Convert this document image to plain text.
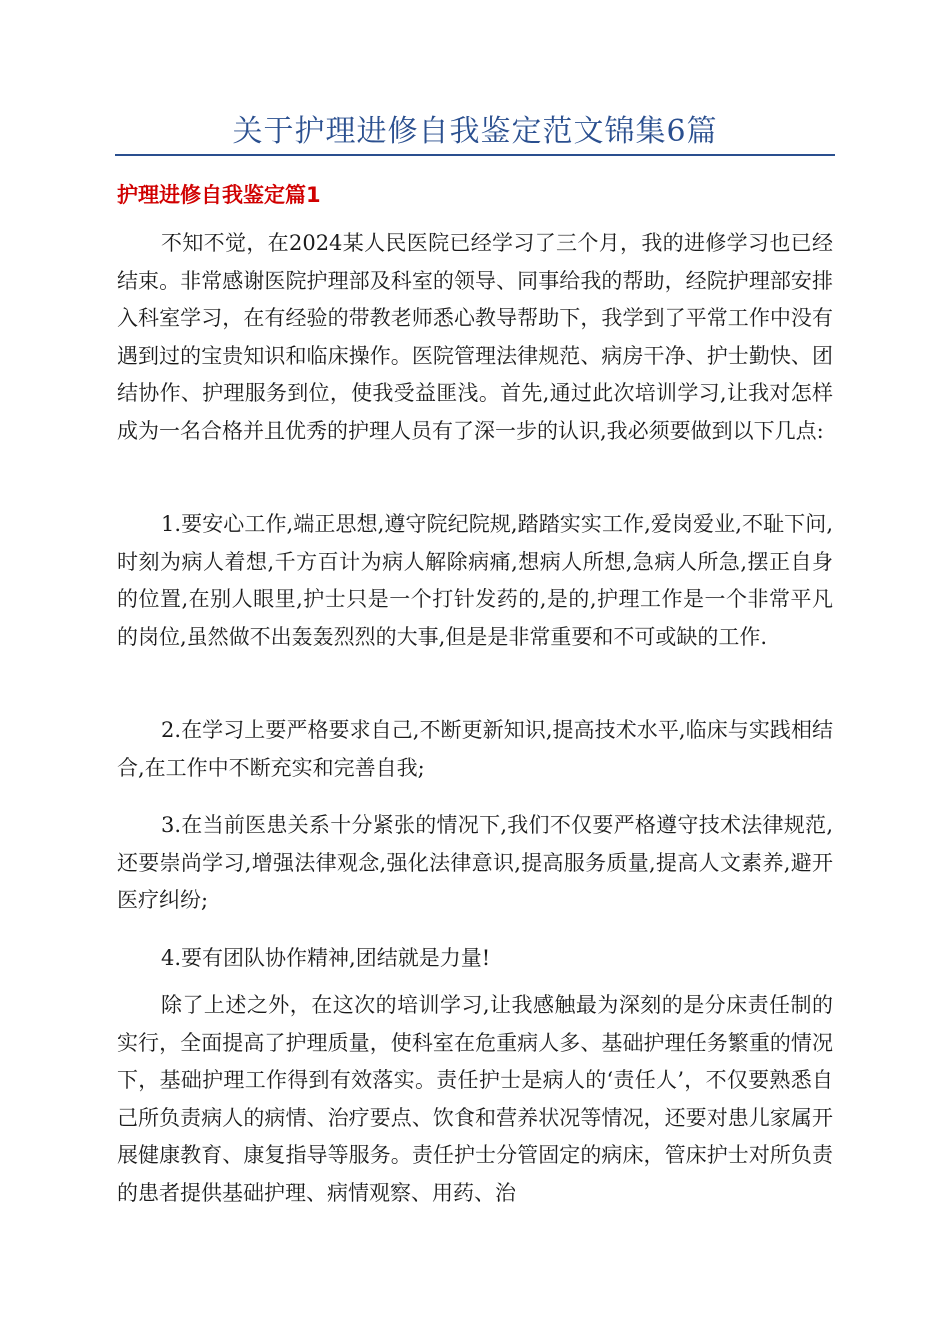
关于护理进修自我鉴定范文锦集6篇
护理进修自我鉴定篇1

不知不觉，在2024某人民医院已经学习了三个月，我的进修学习也已经结束。非常感谢医院护理部及科室的领导、同事给我的帮助，经院护理部安排入科室学习，在有经验的带教老师悉心教导帮助下，我学到了平常工作中没有遇到过的宝贵知识和临床操作。医院管理法律规范、病房干净、护士勤快、团结协作、护理服务到位，使我受益匪浅。首先,通过此次培训学习,让我对怎样成为一名合格并且优秀的护理人员有了深一步的认识,我必须要做到以下几点:

1.要安心工作,端正思想,遵守院纪院规,踏踏实实工作,爱岗爱业,不耻下问,时刻为病人着想,千方百计为病人解除病痛,想病人所想,急病人所急,摆正自身的位置,在别人眼里,护士只是一个打针发药的,是的,护理工作是一个非常平凡的岗位,虽然做不出轰轰烈烈的大事,但是是非常重要和不可或缺的工作.

2.在学习上要严格要求自己,不断更新知识,提高技术水平,临床与实践相结合,在工作中不断充实和完善自我;

3.在当前医患关系十分紧张的情况下,我们不仅要严格遵守技术法律规范,还要崇尚学习,增强法律观念,强化法律意识,提高服务质量,提高人文素养,避开医疗纠纷;

4.要有团队协作精神,团结就是力量!

除了上述之外，在这次的培训学习,让我感触最为深刻的是分床责任制的实行，全面提高了护理质量，使科室在危重病人多、基础护理任务繁重的情况下，基础护理工作得到有效落实。责任护士是病人的‘责任人’，不仅要熟悉自己所负责病人的病情、治疗要点、饮食和营养状况等情况，还要对患儿家属开展健康教育、康复指导等服务。责任护士分管固定的病床，管床护士对所负责的患者提供基础护理、病情观察、用药、治
